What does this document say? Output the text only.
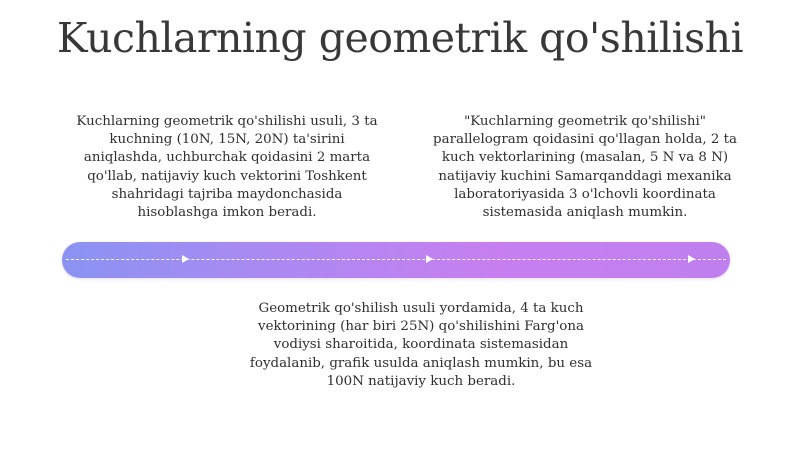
Kuchlarning geometrik qo'shilishi
Kuchlarning geometrik qo'shilishi usuli, 3 ta kuchning (10N, 15N, 20N) ta'sirini aniqlashda, uchburchak qoidasini 2 marta qo'llab, natijaviy kuch vektorini Toshkent shahridagi tajriba maydonchasida hisoblashga imkon beradi.
"Kuchlarning geometrik qo'shilishi" parallelogram qoidasini qo'llagan holda, 2 ta kuch vektorlarining (masalan, 5 N va 8 N) natijaviy kuchini Samarqanddagi mexanika laboratoriyasida 3 o'lchovli koordinata sistemasida aniqlash mumkin.
Geometrik qo'shilish usuli yordamida, 4 ta kuch vektorining (har biri 25N) qo'shilishini Farg'ona vodiysi sharoitida, koordinata sistemasidan foydalanib, grafik usulda aniqlash mumkin, bu esa 100N natijaviy kuch beradi.
